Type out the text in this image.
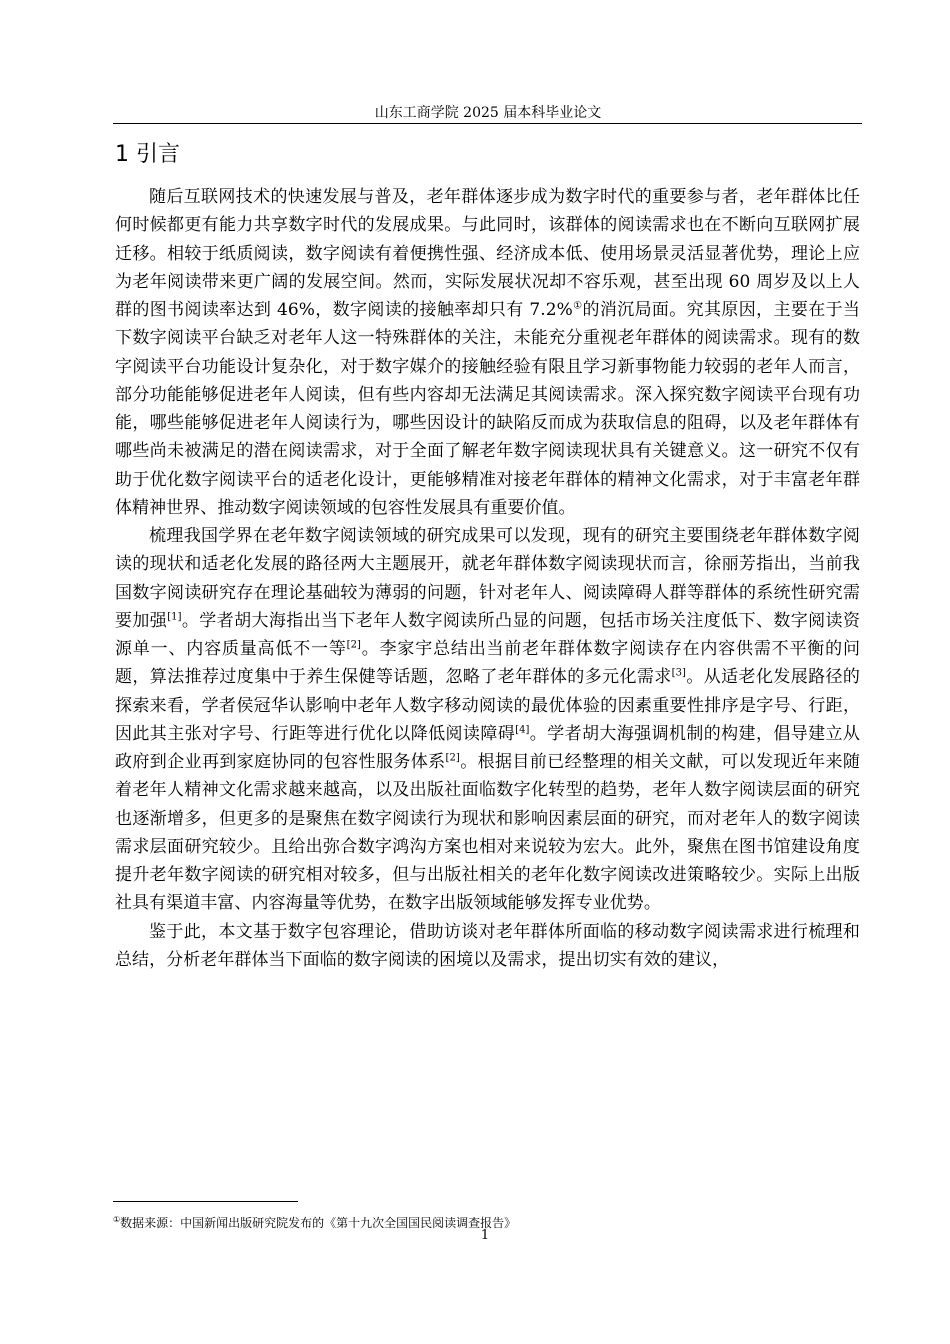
山东工商学院 2025 届本科毕业论文
1 引言

随后互联网技术的快速发展与普及，老年群体逐步成为数字时代的重要参与者，老年群体比任何时候都更有能力共享数字时代的发展成果。与此同时，该群体的阅读需求也在不断向互联网扩展迁移。相较于纸质阅读，数字阅读有着便携性强、经济成本低、使用场景灵活显著优势，理论上应为老年阅读带来更广阔的发展空间。然而，实际发展状况却不容乐观，甚至出现 60 周岁及以上人群的图书阅读率达到 46%，数字阅读的接触率却只有 7.2%①的消沉局面。究其原因，主要在于当下数字阅读平台缺乏对老年人这一特殊群体的关注，未能充分重视老年群体的阅读需求。现有的数字阅读平台功能设计复杂化，对于数字媒介的接触经验有限且学习新事物能力较弱的老年人而言，部分功能能够促进老年人阅读，但有些内容却无法满足其阅读需求。深入探究数字阅读平台现有功能，哪些能够促进老年人阅读行为，哪些因设计的缺陷反而成为获取信息的阻碍，以及老年群体有哪些尚未被满足的潜在阅读需求，对于全面了解老年数字阅读现状具有关键意义。这一研究不仅有助于优化数字阅读平台的适老化设计，更能够精准对接老年群体的精神文化需求，对于丰富老年群体精神世界、推动数字阅读领域的包容性发展具有重要价值。

梳理我国学界在老年数字阅读领域的研究成果可以发现，现有的研究主要围绕老年群体数字阅读的现状和适老化发展的路径两大主题展开，就老年群体数字阅读现状而言，徐丽芳指出，当前我国数字阅读研究存在理论基础较为薄弱的问题，针对老年人、阅读障碍人群等群体的系统性研究需要加强[1]。学者胡大海指出当下老年人数字阅读所凸显的问题，包括市场关注度低下、数字阅读资源单一、内容质量高低不一等[2]。李家宇总结出当前老年群体数字阅读存在内容供需不平衡的问题，算法推荐过度集中于养生保健等话题，忽略了老年群体的多元化需求[3]。从适老化发展路径的探索来看，学者侯冠华认影响中老年人数字移动阅读的最优体验的因素重要性排序是字号、行距，因此其主张对字号、行距等进行优化以降低阅读障碍[4]。学者胡大海强调机制的构建，倡导建立从政府到企业再到家庭协同的包容性服务体系[2]。根据目前已经整理的相关文献，可以发现近年来随着老年人精神文化需求越来越高，以及出版社面临数字化转型的趋势，老年人数字阅读层面的研究也逐渐增多，但更多的是聚焦在数字阅读行为现状和影响因素层面的研究，而对老年人的数字阅读需求层面研究较少。且给出弥合数字鸿沟方案也相对来说较为宏大。此外，聚焦在图书馆建设角度提升老年数字阅读的研究相对较多，但与出版社相关的老年化数字阅读改进策略较少。实际上出版社具有渠道丰富、内容海量等优势，在数字出版领域能够发挥专业优势。

鉴于此，本文基于数字包容理论，借助访谈对老年群体所面临的移动数字阅读需求进行梳理和总结，分析老年群体当下面临的数字阅读的困境以及需求，提出切实有效的建议，

①数据来源：中国新闻出版研究院发布的《第十九次全国国民阅读调查报告》
1
